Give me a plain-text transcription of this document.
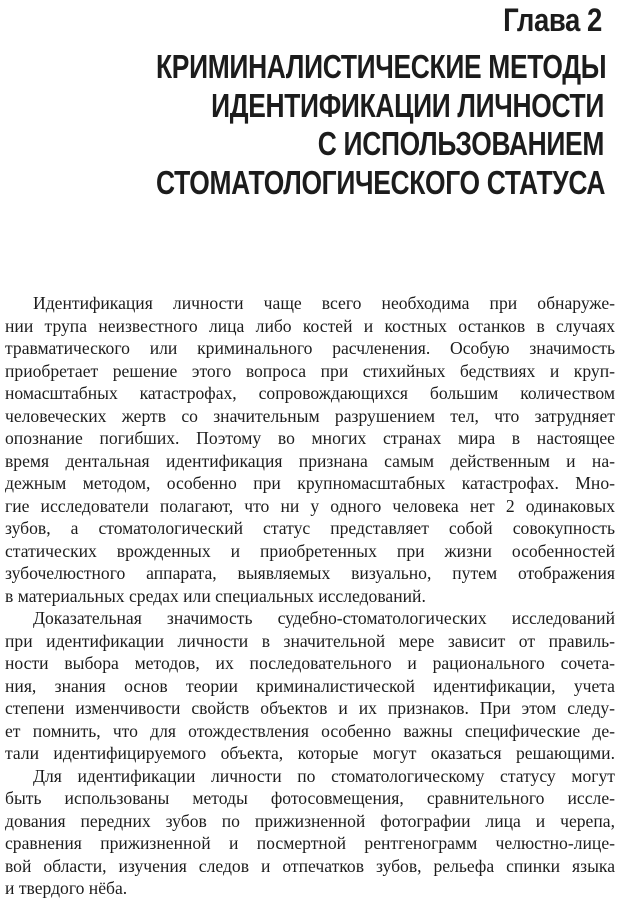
Глава 2
КРИМИНАЛИСТИЧЕСКИЕ МЕТОДЫ
ИДЕНТИФИКАЦИИ ЛИЧНОСТИ
С ИСПОЛЬЗОВАНИЕМ
СТОМАТОЛОГИЧЕСКОГО СТАТУСА
Идентификация личности чаще всего необходима при обнаруже-
нии трупа неизвестного лица либо костей и костных останков в случаях
травматического или криминального расчленения. Особую значимость
приобретает решение этого вопроса при стихийных бедствиях и круп-
номасштабных катастрофах, сопровождающихся большим количеством
человеческих жертв со значительным разрушением тел, что затрудняет
опознание погибших. Поэтому во многих странах мира в настоящее
время дентальная идентификация признана самым действенным и на-
дежным методом, особенно при крупномасштабных катастрофах. Мно-
гие исследователи полагают, что ни у одного человека нет 2 одинаковых
зубов, а стоматологический статус представляет собой совокупность
статических врожденных и приобретенных при жизни особенностей
зубочелюстного аппарата, выявляемых визуально, путем отображения
в материальных средах или специальных исследований.
Доказательная значимость судебно-стоматологических исследований
при идентификации личности в значительной мере зависит от правиль-
ности выбора методов, их последовательного и рационального сочета-
ния, знания основ теории криминалистической идентификации, учета
степени изменчивости свойств объектов и их признаков. При этом следу-
ет помнить, что для отождествления особенно важны специфические де-
тали идентифицируемого объекта, которые могут оказаться решающими.
Для идентификации личности по стоматологическому статусу могут
быть использованы методы фотосовмещения, сравнительного иссле-
дования передних зубов по прижизненной фотографии лица и черепа,
сравнения прижизненной и посмертной рентгенограмм челюстно-лице-
вой области, изучения следов и отпечатков зубов, рельефа спинки языка
и твердого нёба.
